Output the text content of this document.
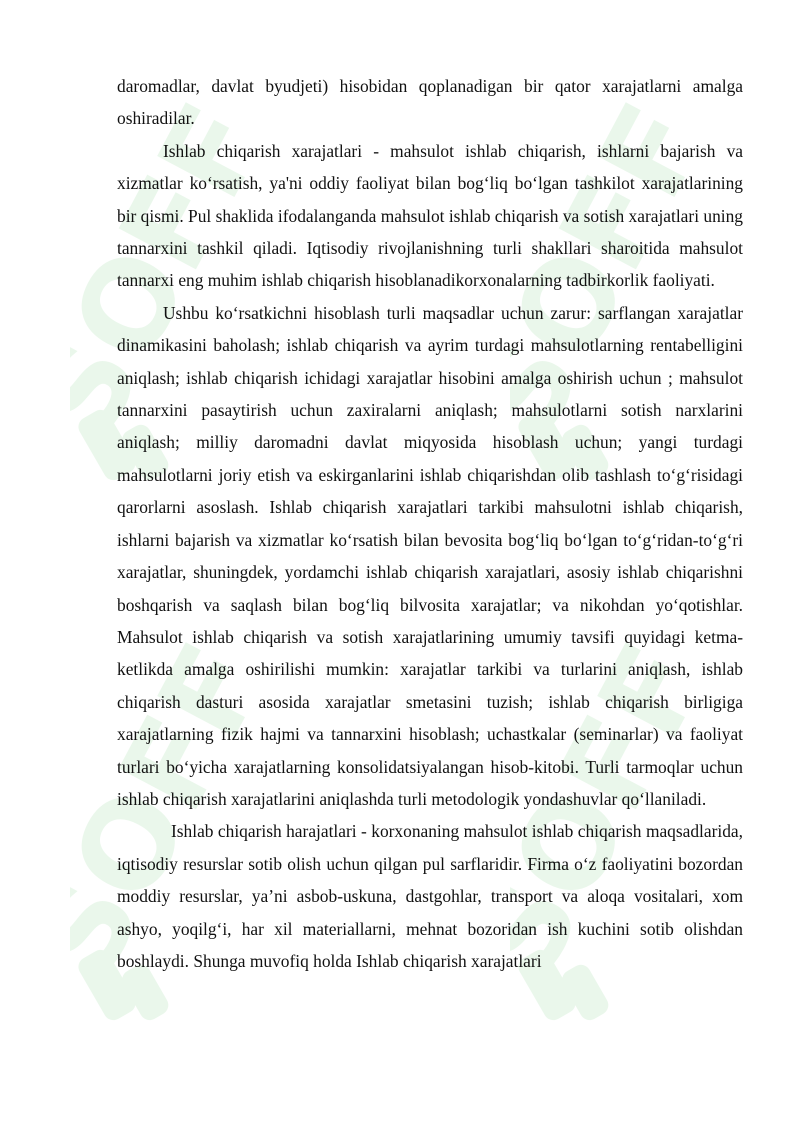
SOFF SOFF
SOFF SOFF

daromadlar, davlat byudjeti) hisobidan qoplanadigan bir qator xarajatlarni amalga oshiradilar.

Ishlab chiqarish xarajatlari - mahsulot ishlab chiqarish, ishlarni bajarish va xizmatlar ko‘rsatish, ya'ni oddiy faoliyat bilan bog‘liq bo‘lgan tashkilot xarajatlarining bir qismi. Pul shaklida ifodalanganda mahsulot ishlab chiqarish va sotish xarajatlari uning tannarxini tashkil qiladi. Iqtisodiy rivojlanishning turli shakllari sharoitida mahsulot tannarxi eng muhim ishlab chiqarish hisoblanadikorxonalarning tadbirkorlik faoliyati.

Ushbu ko‘rsatkichni hisoblash turli maqsadlar uchun zarur: sarflangan xarajatlar dinamikasini baholash; ishlab chiqarish va ayrim turdagi mahsulotlarning rentabelligini aniqlash; ishlab chiqarish ichidagi xarajatlar hisobini amalga oshirish uchun ; mahsulot tannarxini pasaytirish uchun zaxiralarni aniqlash; mahsulotlarni sotish narxlarini aniqlash; milliy daromadni davlat miqyosida hisoblash uchun; yangi turdagi mahsulotlarni joriy etish va eskirganlarini ishlab chiqarishdan olib tashlash to‘g‘risidagi qarorlarni asoslash. Ishlab chiqarish xarajatlari tarkibi mahsulotni ishlab chiqarish, ishlarni bajarish va xizmatlar ko‘rsatish bilan bevosita bog‘liq bo‘lgan to‘g‘ridan-to‘g‘ri xarajatlar, shuningdek, yordamchi ishlab chiqarish xarajatlari, asosiy ishlab chiqarishni boshqarish va saqlash bilan bog‘liq bilvosita xarajatlar; va nikohdan yo‘qotishlar. Mahsulot ishlab chiqarish va sotish xarajatlarining umumiy tavsifi quyidagi ketma-ketlikda amalga oshirilishi mumkin: xarajatlar tarkibi va turlarini aniqlash, ishlab chiqarish dasturi asosida xarajatlar smetasini tuzish; ishlab chiqarish birligiga xarajatlarning fizik hajmi va tannarxini hisoblash; uchastkalar (seminarlar) va faoliyat turlari bo‘yicha xarajatlarning konsolidatsiyalangan hisob-kitobi. Turli tarmoqlar uchun ishlab chiqarish xarajatlarini aniqlashda turli metodologik yondashuvlar qo‘llaniladi.

Ishlab chiqarish harajatlari - korxonaning mahsulot ishlab chiqarish maqsadlarida, iqtisodiy resurslar sotib olish uchun qilgan pul sarflaridir. Firma o‘z faoliyatini bozordan moddiy resurslar, ya’ni asbob-uskuna, dastgohlar, transport va aloqa vositalari, xom ashyo, yoqilg‘i, har xil materiallarni, mehnat bozoridan ish kuchini sotib olishdan boshlaydi. Shunga muvofiq holda Ishlab chiqarish xarajatlari
